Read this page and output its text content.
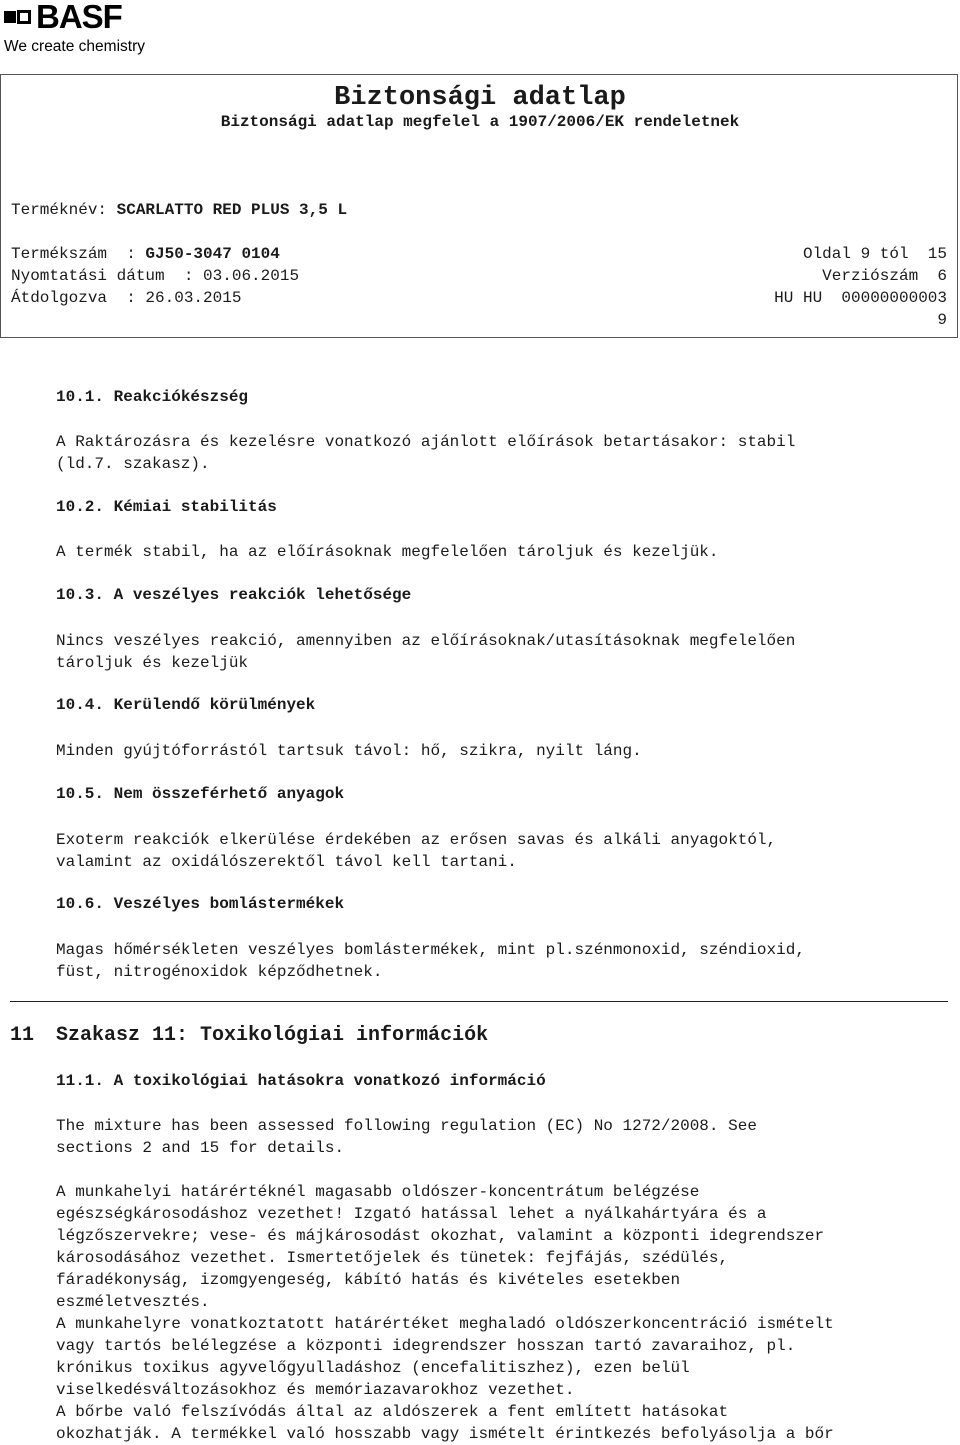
BASF
We create chemistry
Biztonsági adatlap
Biztonsági adatlap megfelel a 1907/2006/EK rendeletnek
Terméknév: SCARLATTO RED PLUS 3,5 L
Termékszám  : GJ50-3047 0104
Nyomtatási dátum  : 03.06.2015
Átdolgozva  : 26.03.2015
Oldal 9 tól  15
Verziószám  6
HU HU  00000000003
9
10.1. Reakciókészség
A Raktározásra és kezelésre vonatkozó ajánlott előírások betartásakor: stabil
(ld.7. szakasz).
10.2. Kémiai stabilitás
A termék stabil, ha az előírásoknak megfelelően tároljuk és kezeljük.
10.3. A veszélyes reakciók lehetősége
Nincs veszélyes reakció, amennyiben az előírásoknak/utasításoknak megfelelően
tároljuk és kezeljük
10.4. Kerülendő körülmények
Minden gyújtóforrástól tartsuk távol: hő, szikra, nyilt láng.
10.5. Nem összeférhető anyagok
Exoterm reakciók elkerülése érdekében az erősen savas és alkáli anyagoktól,
valamint az oxidálószerektől távol kell tartani.
10.6. Veszélyes bomlástermékek
Magas hőmérsékleten veszélyes bomlástermékek, mint pl.szénmonoxid, széndioxid,
füst, nitrogénoxidok képződhetnek.
11 Szakasz 11: Toxikológiai információk
11.1. A toxikológiai hatásokra vonatkozó információ
The mixture has been assessed following regulation (EC) No 1272/2008. See
sections 2 and 15 for details.
A munkahelyi határértéknél magasabb oldószer-koncentrátum belégzése
egészségkárosodáshoz vezethet! Izgató hatással lehet a nyálkahártyára és a
légzőszervekre; vese- és májkárosodást okozhat, valamint a központi idegrendszer
károsodásához vezethet. Ismertetőjelek és tünetek: fejfájás, szédülés,
fáradékonyság, izomgyengeség, kábító hatás és kivételes esetekben
eszméletvesztés.
A munkahelyre vonatkoztatott határértéket meghaladó oldószerkoncentráció ismételt
vagy tartós belélegzése a központi idegrendszer hosszan tartó zavaraihoz, pl.
krónikus toxikus agyvelőgyulladáshoz (encefalitiszhez), ezen belül
viselkedésváltozásokhoz és memóriazavarokhoz vezethet.
A bőrbe való felszívódás által az aldószerek a fent említett hatásokat
okozhatják. A termékkel való hosszabb vagy ismételt érintkezés befolyásolja a bőr
